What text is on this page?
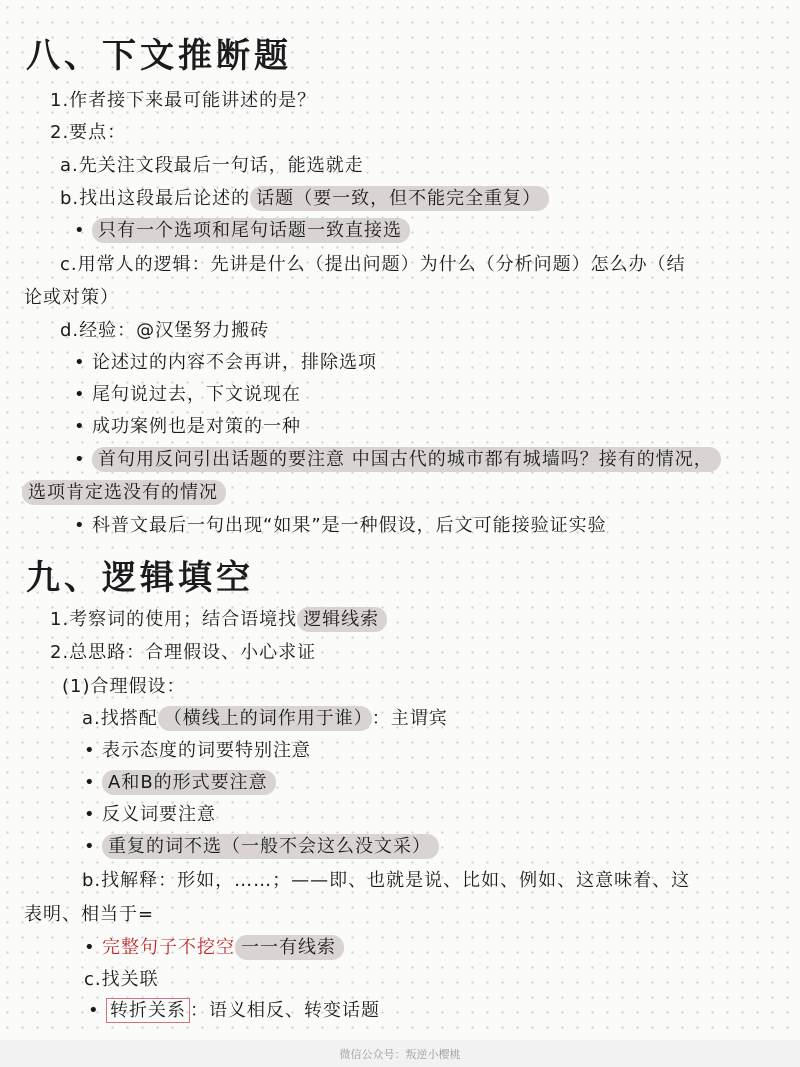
八、下文推断题
1.作者接下来最可能讲述的是？
2.要点：
a.先关注文段最后一句话，能选就走
b.找出这段最后论述的 话题（要一致，但不能完全重复）
• 只有一个选项和尾句话题一致直接选
c.用常人的逻辑：先讲是什么（提出问题）为什么（分析问题）怎么办（结
论或对策）
d.经验：@汉堡努力搬砖
• 论述过的内容不会再讲，排除选项
• 尾句说过去，下文说现在
• 成功案例也是对策的一种
• 首句用反问引出话题的要注意 中国古代的城市都有城墙吗？接有的情况，
选项肯定选没有的情况
• 科普文最后一句出现“如果”是一种假设，后文可能接验证实验
九、逻辑填空
1.考察词的使用；结合语境找 逻辑线索
2.总思路：合理假设、小心求证
(1)合理假设：
a.找搭配 （横线上的词作用于谁） ：主谓宾
• 表示态度的词要特别注意
• A和B的形式要注意
• 反义词要注意
• 重复的词不选（一般不会这么没文采）
b.找解释：形如，……；——即、也就是说、比如、例如、这意味着、这
表明、相当于=
• 完整句子不挖空 一一有线索
c.找关联
• 转折关系 ：语义相反、转变话题
微信公众号：叛逆小樱桃
